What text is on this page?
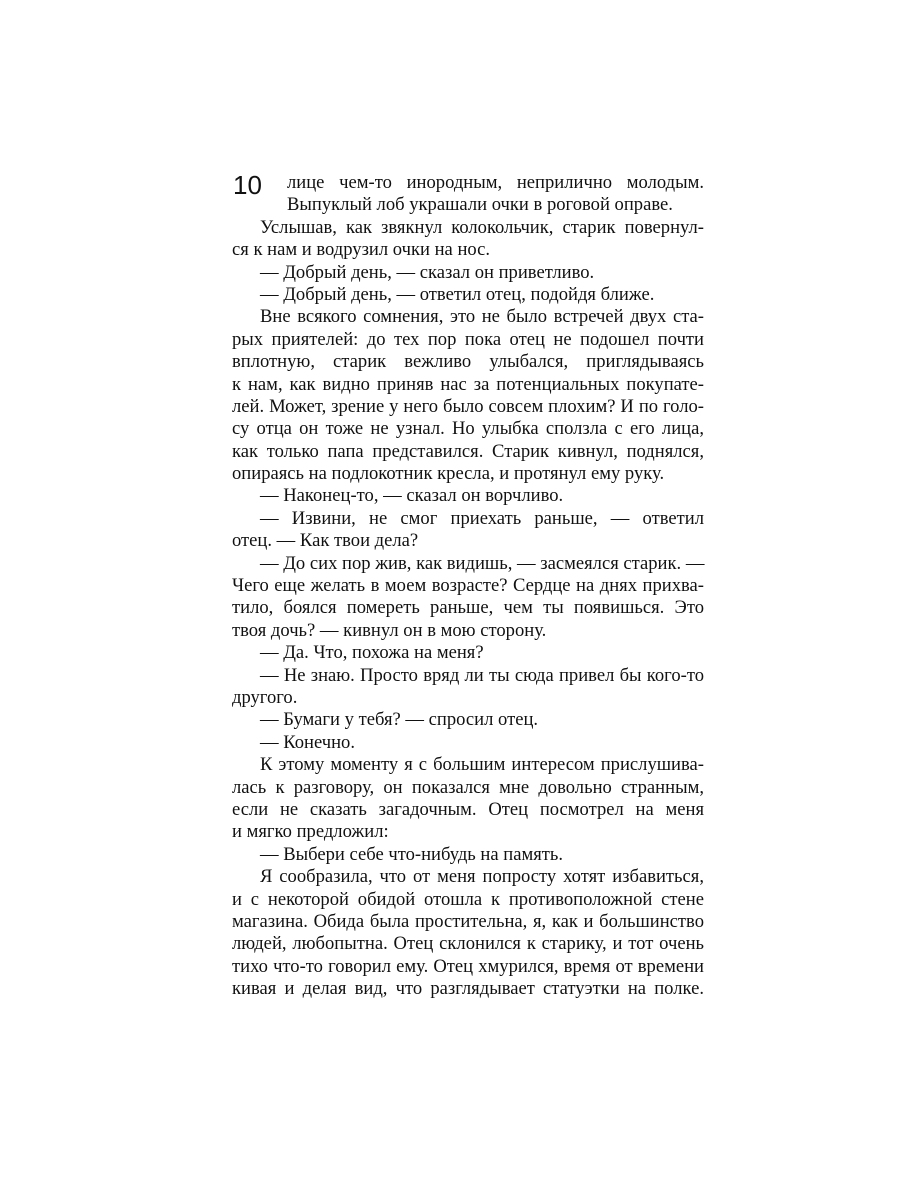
10	лице чем-то инородным, неприлично молодым.
Выпуклый лоб украшали очки в роговой оправе.
Услышав, как звякнул колокольчик, старик повернул-
ся к нам и водрузил очки на нос.
— Добрый день, — сказал он приветливо.
— Добрый день, — ответил отец, подойдя ближе.
Вне всякого сомнения, это не было встречей двух ста-
рых приятелей: до тех пор пока отец не подошел почти
вплотную, старик вежливо улыбался, приглядываясь
к нам, как видно приняв нас за потенциальных покупате-
лей. Может, зрение у него было совсем плохим? И по голо-
су отца он тоже не узнал. Но улыбка сползла с его лица,
как только папа представился. Старик кивнул, поднялся,
опираясь на подлокотник кресла, и протянул ему руку.
— Наконец-то, — сказал он ворчливо.
— Извини, не смог приехать раньше, — ответил
отец. — Как твои дела?
— До сих пор жив, как видишь, — засмеялся старик. —
Чего еще желать в моем возрасте? Сердце на днях прихва-
тило, боялся помереть раньше, чем ты появишься. Это
твоя дочь? — кивнул он в мою сторону.
— Да. Что, похожа на меня?
— Не знаю. Просто вряд ли ты сюда привел бы кого-то
другого.
— Бумаги у тебя? — спросил отец.
— Конечно.
К этому моменту я с большим интересом прислушива-
лась к разговору, он показался мне довольно странным,
если не сказать загадочным. Отец посмотрел на меня
и мягко предложил:
— Выбери себе что-нибудь на память.
Я сообразила, что от меня попросту хотят избавиться,
и с некоторой обидой отошла к противоположной стене
магазина. Обида была простительна, я, как и большинство
людей, любопытна. Отец склонился к старику, и тот очень
тихо что-то говорил ему. Отец хмурился, время от времени
кивая и делая вид, что разглядывает статуэтки на полке.
